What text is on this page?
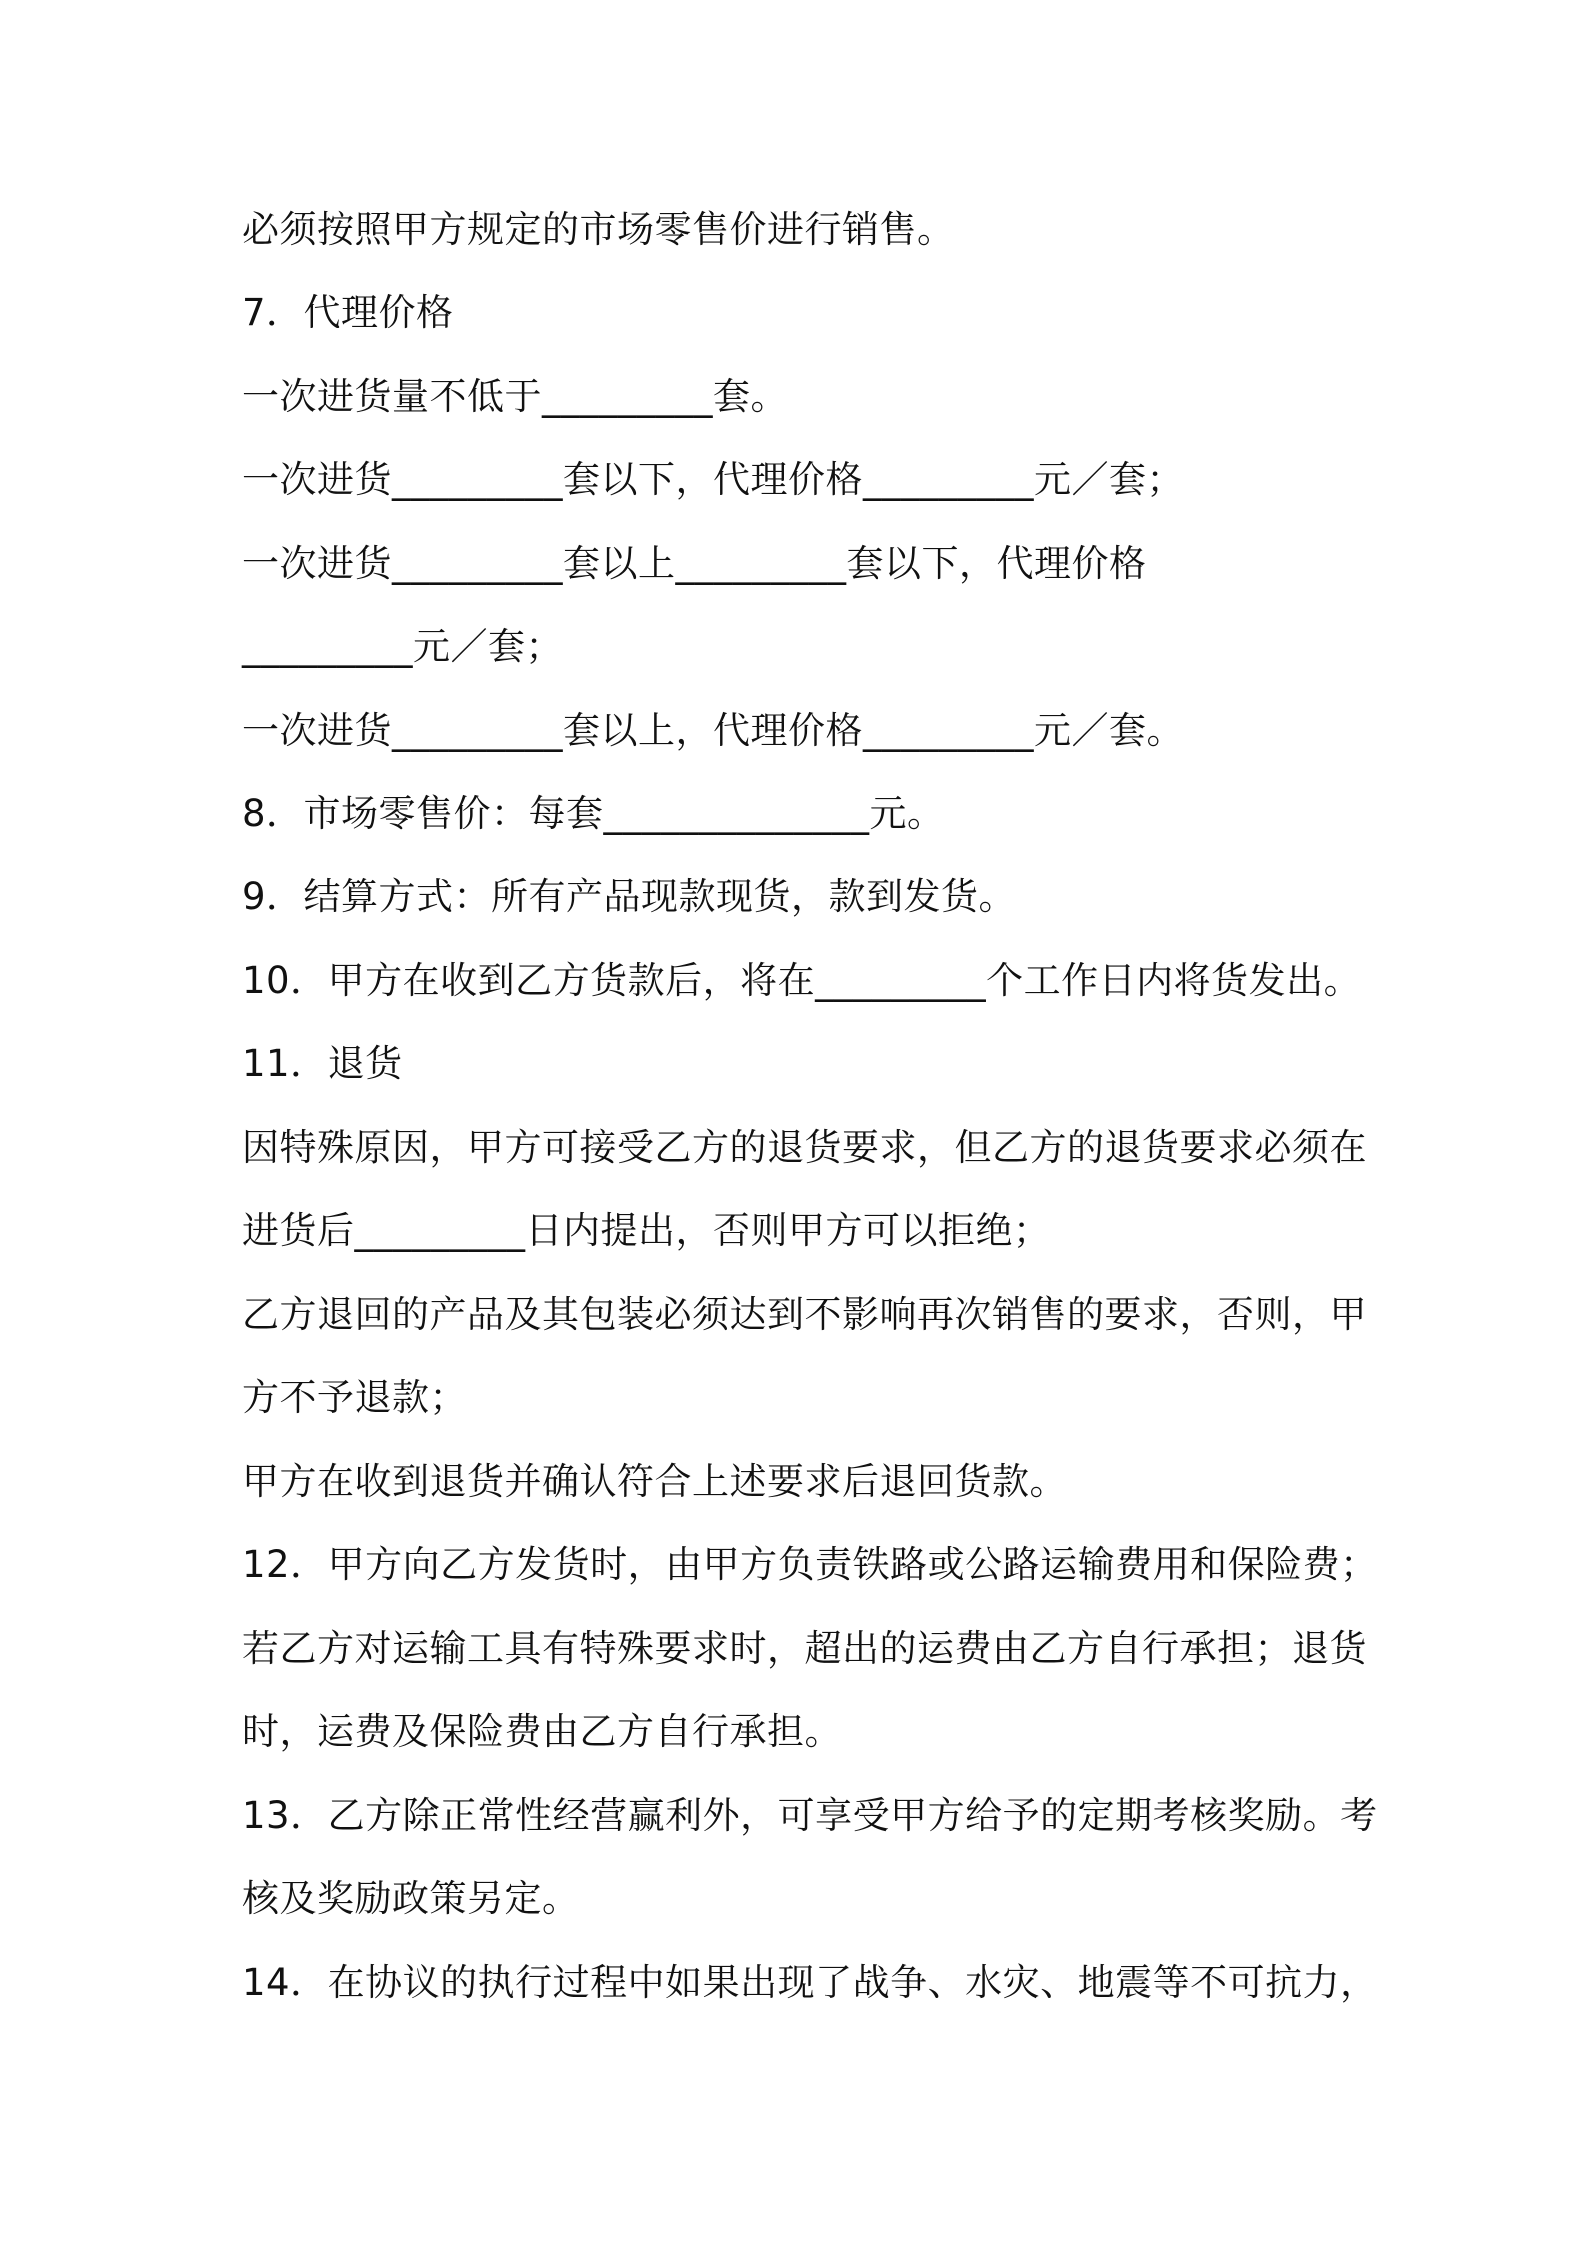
必须按照甲方规定的市场零售价进行销售。
7．代理价格
一次进货量不低于_________套。
一次进货_________套以下，代理价格_________元／套；
一次进货_________套以上_________套以下，代理价格
_________元／套；
一次进货_________套以上，代理价格_________元／套。
8．市场零售价：每套______________元。
9．结算方式：所有产品现款现货，款到发货。
10．甲方在收到乙方货款后，将在_________个工作日内将货发出。
11．退货
因特殊原因，甲方可接受乙方的退货要求，但乙方的退货要求必须在
进货后_________日内提出，否则甲方可以拒绝；
乙方退回的产品及其包装必须达到不影响再次销售的要求，否则，甲
方不予退款；
甲方在收到退货并确认符合上述要求后退回货款。
12．甲方向乙方发货时，由甲方负责铁路或公路运输费用和保险费；
若乙方对运输工具有特殊要求时，超出的运费由乙方自行承担；退货
时，运费及保险费由乙方自行承担。
13．乙方除正常性经营赢利外，可享受甲方给予的定期考核奖励。考
核及奖励政策另定。
14．在协议的执行过程中如果出现了战争、水灾、地震等不可抗力，
